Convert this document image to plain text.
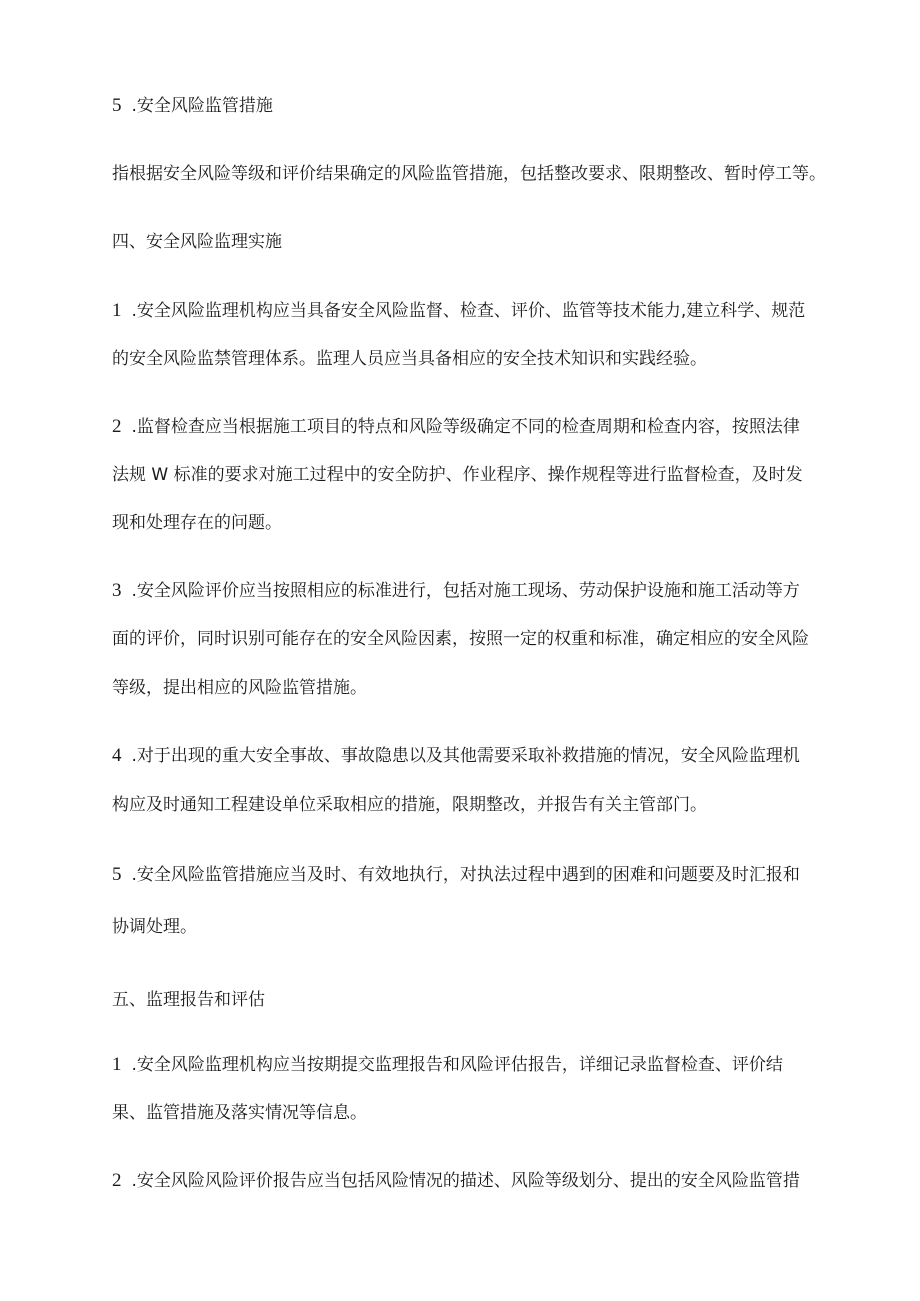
5 .安全风险监管措施
指根据安全风险等级和评价结果确定的风险监管措施，包括整改要求、限期整改、暂时停工等。
四、安全风险监理实施
1 .安全风险监理机构应当具备安全风险监督、检查、评价、监管等技术能力,建立科学、规范
的安全风险监禁管理体系。监理人员应当具备相应的安全技术知识和实践经验。
2 .监督检查应当根据施工项目的特点和风险等级确定不同的检查周期和检查内容，按照法律
法规 W 标准的要求对施工过程中的安全防护、作业程序、操作规程等进行监督检查，及时发
现和处理存在的问题。
3 .安全风险评价应当按照相应的标准进行，包括对施工现场、劳动保护设施和施工活动等方
面的评价，同时识别可能存在的安全风险因素，按照一定的权重和标准，确定相应的安全风险
等级，提出相应的风险监管措施。
4 .对于出现的重大安全事故、事故隐患以及其他需要采取补救措施的情况，安全风险监理机
构应及时通知工程建设单位采取相应的措施，限期整改，并报告有关主管部门。
5 .安全风险监管措施应当及时、有效地执行，对执法过程中遇到的困难和问题要及时汇报和
协调处理。
五、监理报告和评估
1 .安全风险监理机构应当按期提交监理报告和风险评估报告，详细记录监督检查、评价结
果、监管措施及落实情况等信息。
2 .安全风险风险评价报告应当包括风险情况的描述、风险等级划分、提出的安全风险监管措
